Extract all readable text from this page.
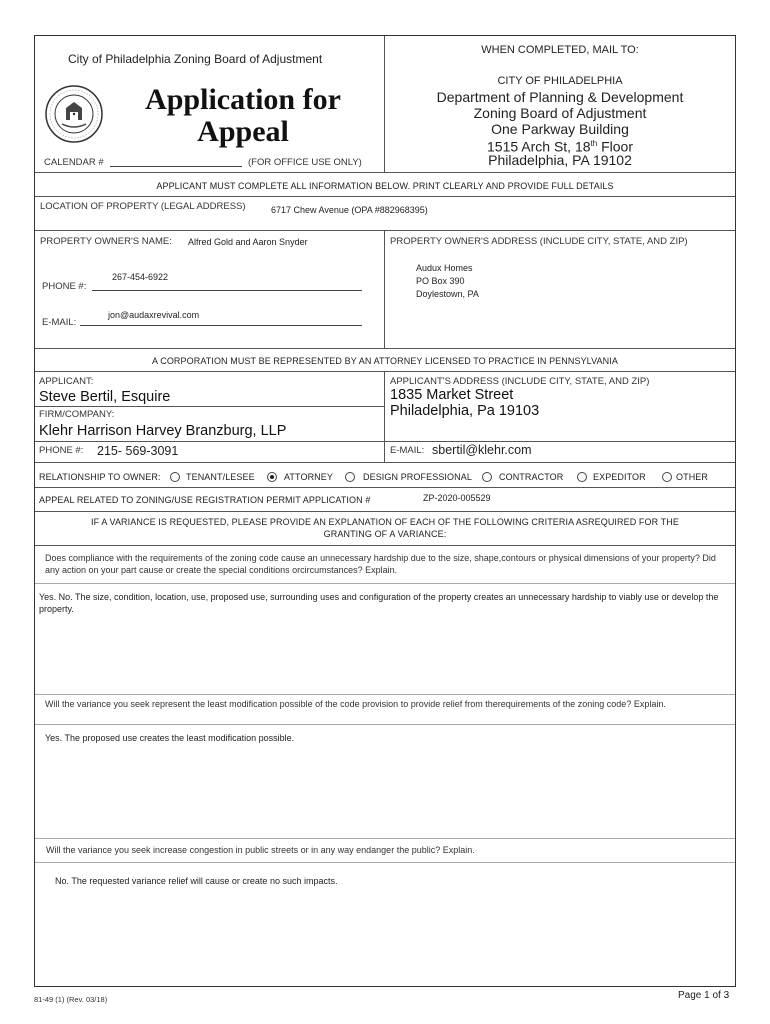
City of Philadelphia Zoning Board of Adjustment
Application for
Appeal
CALENDAR #	(FOR OFFICE USE ONLY)
WHEN COMPLETED, MAIL TO:
CITY OF PHILADELPHIA
Department of Planning & Development
Zoning Board of Adjustment
One Parkway Building
1515 Arch St, 18th Floor
Philadelphia, PA 19102
APPLICANT MUST COMPLETE ALL INFORMATION BELOW. PRINT CLEARLY AND PROVIDE FULL DETAILS
LOCATION OF PROPERTY (LEGAL ADDRESS)	6717 Chew Avenue (OPA #882968395)
PROPERTY OWNER'S NAME: Alfred Gold and Aaron Snyder	PROPERTY OWNER'S ADDRESS (INCLUDE CITY, STATE, AND ZIP)
Audux Homes
PO Box 390
Doylestown, PA
267-454-6922
PHONE #:
jon@audaxrevival.com
E-MAIL:
A CORPORATION MUST BE REPRESENTED BY AN ATTORNEY LICENSED TO PRACTICE IN PENNSYLVANIA
APPLICANT:
Steve Bertil, Esquire
APPLICANT'S ADDRESS (INCLUDE CITY, STATE, AND ZIP)
1835 Market Street
Philadelphia, Pa 19103
FIRM/COMPANY:
Klehr Harrison Harvey Branzburg, LLP
PHONE #: 215- 569-3091	E-MAIL: sbertil@klehr.com
RELATIONSHIP TO OWNER:	TENANT/LESEE	ATTORNEY	DESIGN PROFESSIONAL	CONTRACTOR	EXPEDITOR	OTHER
APPEAL RELATED TO ZONING/USE REGISTRATION PERMIT APPLICATION #	ZP-2020-005529
IF A VARIANCE IS REQUESTED, PLEASE PROVIDE AN EXPLANATION OF EACH OF THE FOLLOWING CRITERIA ASREQUIRED FOR THE
GRANTING OF A VARIANCE:
Does compliance with the requirements of the zoning code cause an unnecessary hardship due to the size, shape,contours or physical dimensions of your property? Did any action on your part cause or create the special conditions orcircumstances? Explain.
Yes. No. The size, condition, location, use, proposed use, surrounding uses and configuration of the property creates an unnecessary hardship to viably use or develop the property.
Will the variance you seek represent the least modification possible of the code provision to provide relief from therequirements of the zoning code? Explain.
Yes. The proposed use creates the least modification possible.
Will the variance you seek increase congestion in public streets or in any way endanger the public? Explain.
No. The requested variance relief will cause or create no such impacts.
81-49 (1) (Rev. 03/18)	Page 1 of 3
